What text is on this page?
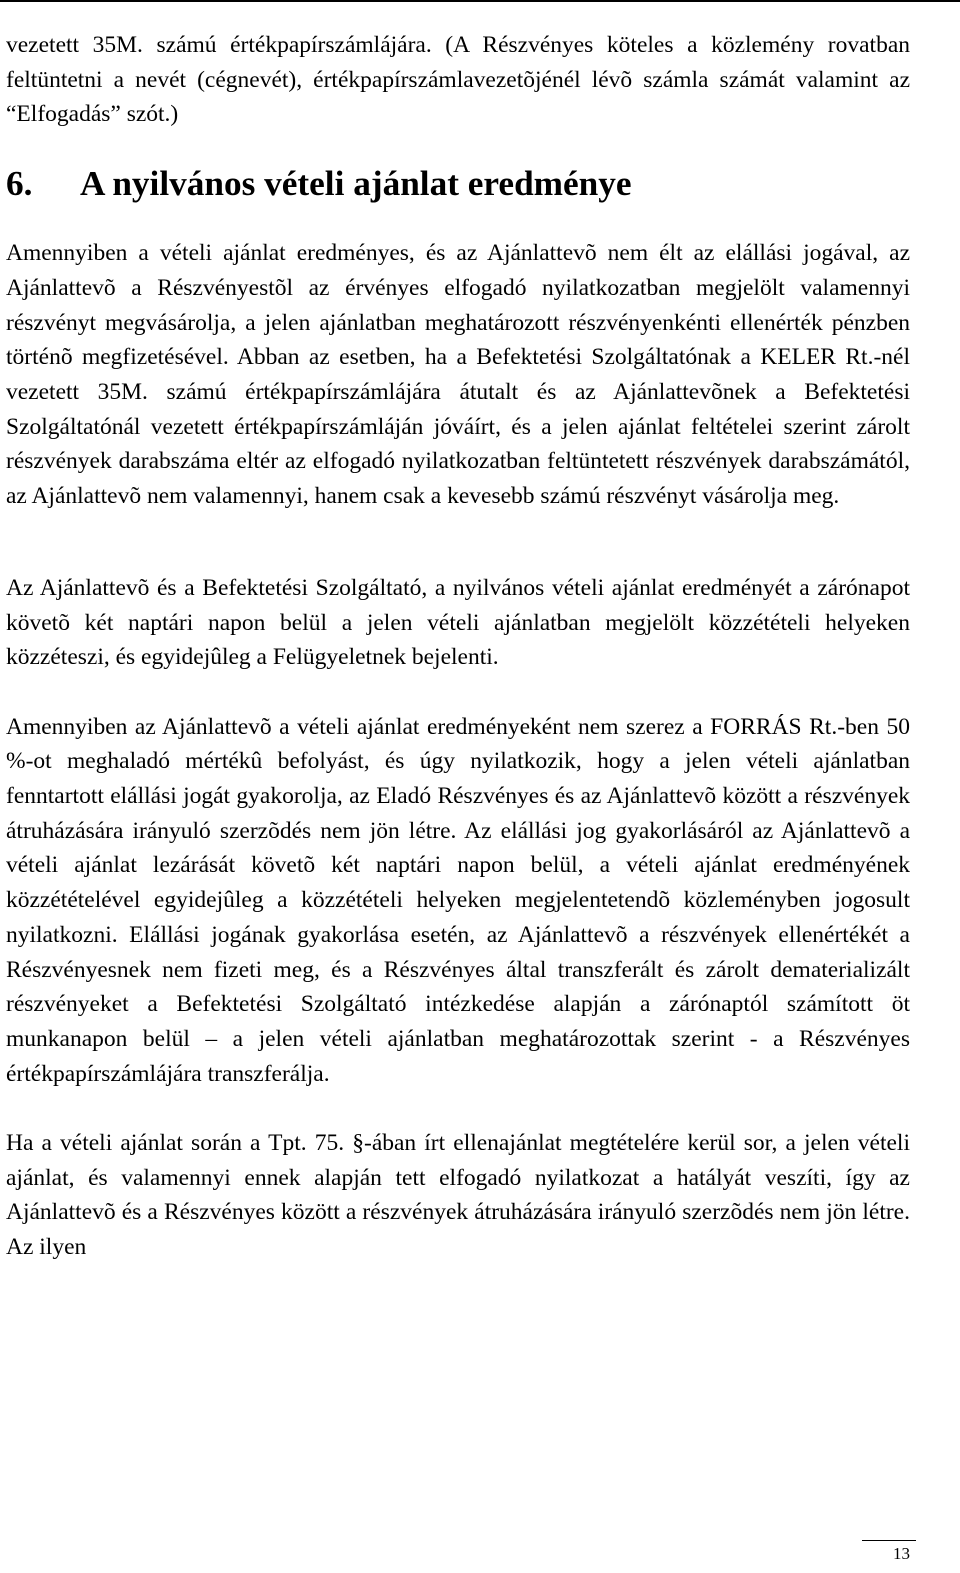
vezetett 35M. számú értékpapírszámlájára. (A Részvényes köteles a közlemény rovatban feltüntetni a nevét (cégnevét), értékpapírszámlavezetõjénél lévõ számla számát valamint az “Elfogadás” szót.)

6.	A nyilvános vételi ajánlat eredménye

Amennyiben a vételi ajánlat eredményes, és az Ajánlattevõ nem élt az elállási jogával, az Ajánlattevõ a Részvényestõl az érvényes elfogadó nyilatkozatban megjelölt valamennyi részvényt megvásárolja, a jelen ajánlatban meghatározott részvényenkénti ellenérték pénzben történõ megfizetésével. Abban az esetben, ha a Befektetési Szolgáltatónak a KELER Rt.-nél vezetett 35M. számú értékpapírszámlájára átutalt és az Ajánlattevõnek a Befektetési Szolgáltatónál vezetett értékpapírszámláján jóváírt, és a jelen ajánlat feltételei szerint zárolt részvények darabszáma eltér az elfogadó nyilatkozatban feltüntetett részvények darabszámától, az Ajánlattevõ nem valamennyi, hanem csak a kevesebb számú részvényt vásárolja meg.

Az Ajánlattevõ és a Befektetési Szolgáltató, a nyilvános vételi ajánlat eredményét a zárónapot követõ két naptári napon belül a jelen vételi ajánlatban megjelölt közzétételi helyeken közzéteszi, és egyidejûleg a Felügyeletnek bejelenti.

Amennyiben az Ajánlattevõ a vételi ajánlat eredményeként nem szerez a FORRÁS Rt.-ben 50 %-ot meghaladó mértékû befolyást, és úgy nyilatkozik, hogy a jelen vételi ajánlatban fenntartott elállási jogát gyakorolja, az Eladó Részvényes és az Ajánlattevõ között a részvények átruházására irányuló szerzõdés nem jön létre. Az elállási jog gyakorlásáról az Ajánlattevõ a vételi ajánlat lezárását követõ két naptári napon belül, a vételi ajánlat eredményének közzétételével egyidejûleg a közzétételi helyeken megjelentetendõ közleményben jogosult nyilatkozni. Elállási jogának gyakorlása esetén, az Ajánlattevõ a részvények ellenértékét a Részvényesnek nem fizeti meg, és a Részvényes által transzferált és zárolt dematerializált részvényeket a Befektetési Szolgáltató intézkedése alapján a zárónaptól számított öt munkanapon belül – a jelen vételi ajánlatban meghatározottak szerint - a Részvényes értékpapírszámlájára transzferálja.

Ha a vételi ajánlat során a Tpt. 75. §-ában írt ellenajánlat megtételére kerül sor, a jelen vételi ajánlat, és valamennyi ennek alapján tett elfogadó nyilatkozat a hatályát veszíti, így az Ajánlattevõ és a Részvényes között a részvények átruházására irányuló szerzõdés nem jön létre. Az ilyen

13
